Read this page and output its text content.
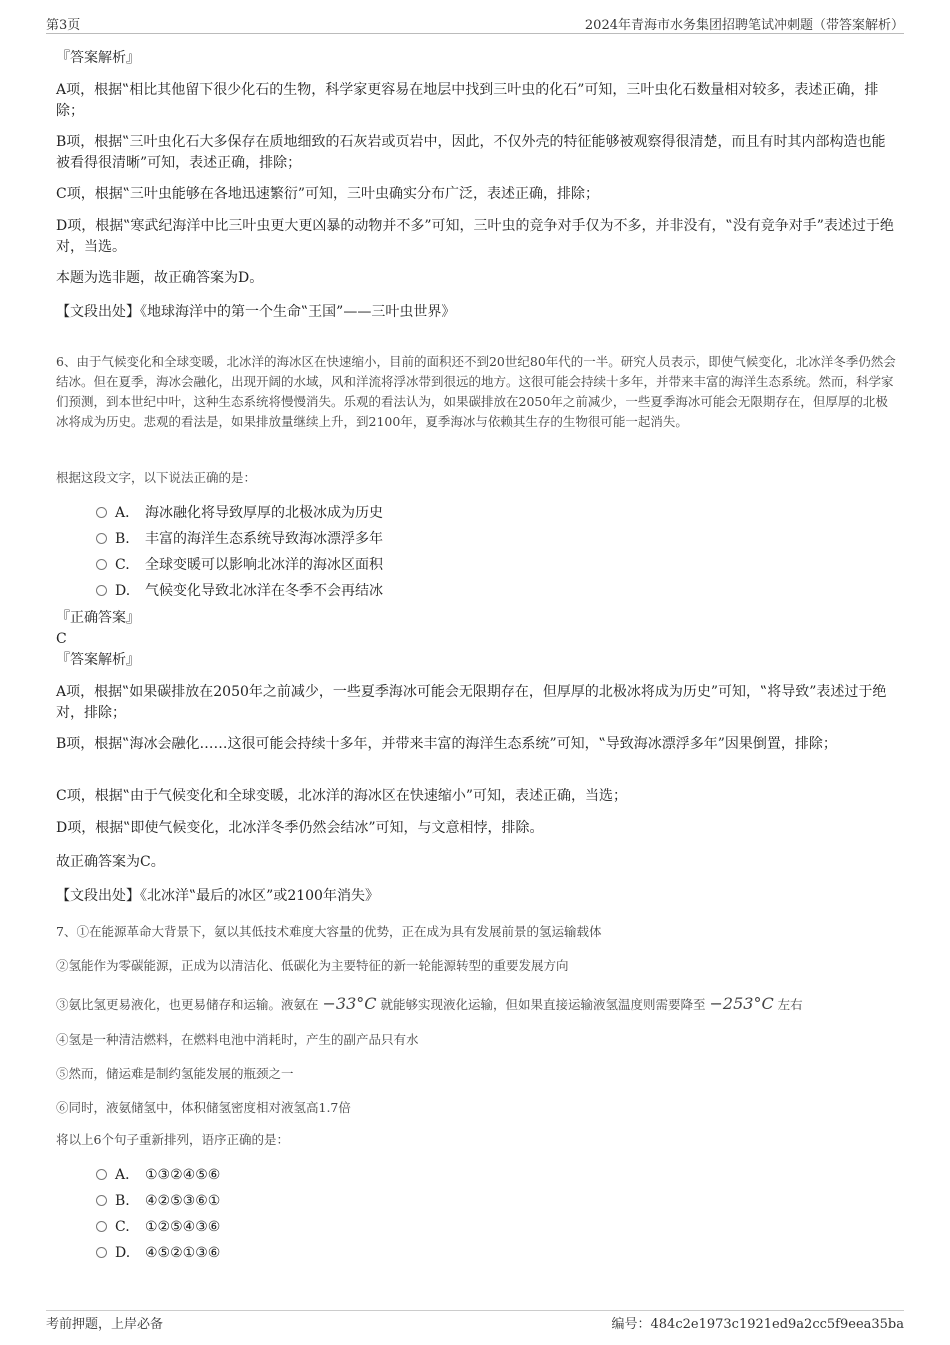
第3页	2024年青海市水务集团招聘笔试冲刺题（带答案解析）
『答案解析』
A项，根据‟相比其他留下很少化石的生物，科学家更容易在地层中找到三叶虫的化石”可知，三叶虫化石数量相对较多，表述正确，排除；
B项，根据‟三叶虫化石大多保存在质地细致的石灰岩或页岩中，因此，不仅外壳的特征能够被观察得很清楚，而且有时其内部构造也能被看得很清晰”可知，表述正确，排除；
C项，根据‟三叶虫能够在各地迅速繁衍”可知，三叶虫确实分布广泛，表述正确，排除；
D项，根据‟寒武纪海洋中比三叶虫更大更凶暴的动物并不多”可知，三叶虫的竞争对手仅为不多，并非没有，‟没有竞争对手”表述过于绝对，当选。
本题为选非题，故正确答案为D。
【文段出处】《地球海洋中的第一个生命‟王国”——三叶虫世界》
6、由于气候变化和全球变暖，北冰洋的海冰区在快速缩小，目前的面积还不到20世纪80年代的一半。研究人员表示，即使气候变化，北冰洋冬季仍然会结冰。但在夏季，海冰会融化，出现开阔的水域，风和洋流将浮冰带到很远的地方。这很可能会持续十多年，并带来丰富的海洋生态系统。然而，科学家们预测，到本世纪中叶，这种生态系统将慢慢消失。乐观的看法认为，如果碳排放在2050年之前减少，一些夏季海冰可能会无限期存在，但厚厚的北极冰将成为历史。悲观的看法是，如果排放量继续上升，到2100年，夏季海冰与依赖其生存的生物很可能一起消失。
根据这段文字，以下说法正确的是：
A． 海冰融化将导致厚厚的北极冰成为历史
B. 丰富的海洋生态系统导致海冰漂浮多年
C. 全球变暖可以影响北冰洋的海冰区面积
D. 气候变化导致北冰洋在冬季不会再结冰
『正确答案』
C
『答案解析』
A项，根据‟如果碳排放在2050年之前减少，一些夏季海冰可能会无限期存在，但厚厚的北极冰将成为历史”可知，‟将导致”表述过于绝对，排除；
B项，根据‟海冰会融化……这很可能会持续十多年，并带来丰富的海洋生态系统”可知，‟导致海冰漂浮多年”因果倒置，排除；
C项，根据‟由于气候变化和全球变暖，北冰洋的海冰区在快速缩小”可知，表述正确，当选；
D项，根据‟即使气候变化，北冰洋冬季仍然会结冰”可知，与文意相悖，排除。
故正确答案为C。
【文段出处】《北冰洋‟最后的冰区”或2100年消失》
7、①在能源革命大背景下，氨以其低技术难度大容量的优势，正在成为具有发展前景的氢运输载体
②氢能作为零碳能源，正成为以清洁化、低碳化为主要特征的新一轮能源转型的重要发展方向
③氨比氢更易液化，也更易储存和运输。液氨在 −33°C 就能够实现液化运输，但如果直接运输液氢温度则需要降至 −253°C 左右
④氢是一种清洁燃料，在燃料电池中消耗时，产生的副产品只有水
⑤然而，储运难是制约氢能发展的瓶颈之一
⑥同时，液氨储氢中，体积储氢密度相对液氢高1.7倍
将以上6个句子重新排列，语序正确的是：
A． ①③②④⑤⑥
B. ④②⑤③⑥①
C. ①②⑤④③⑥
D. ④⑤②①③⑥
考前押题，上岸必备	编号：484c2e1973c1921ed9a2cc5f9eea35ba
